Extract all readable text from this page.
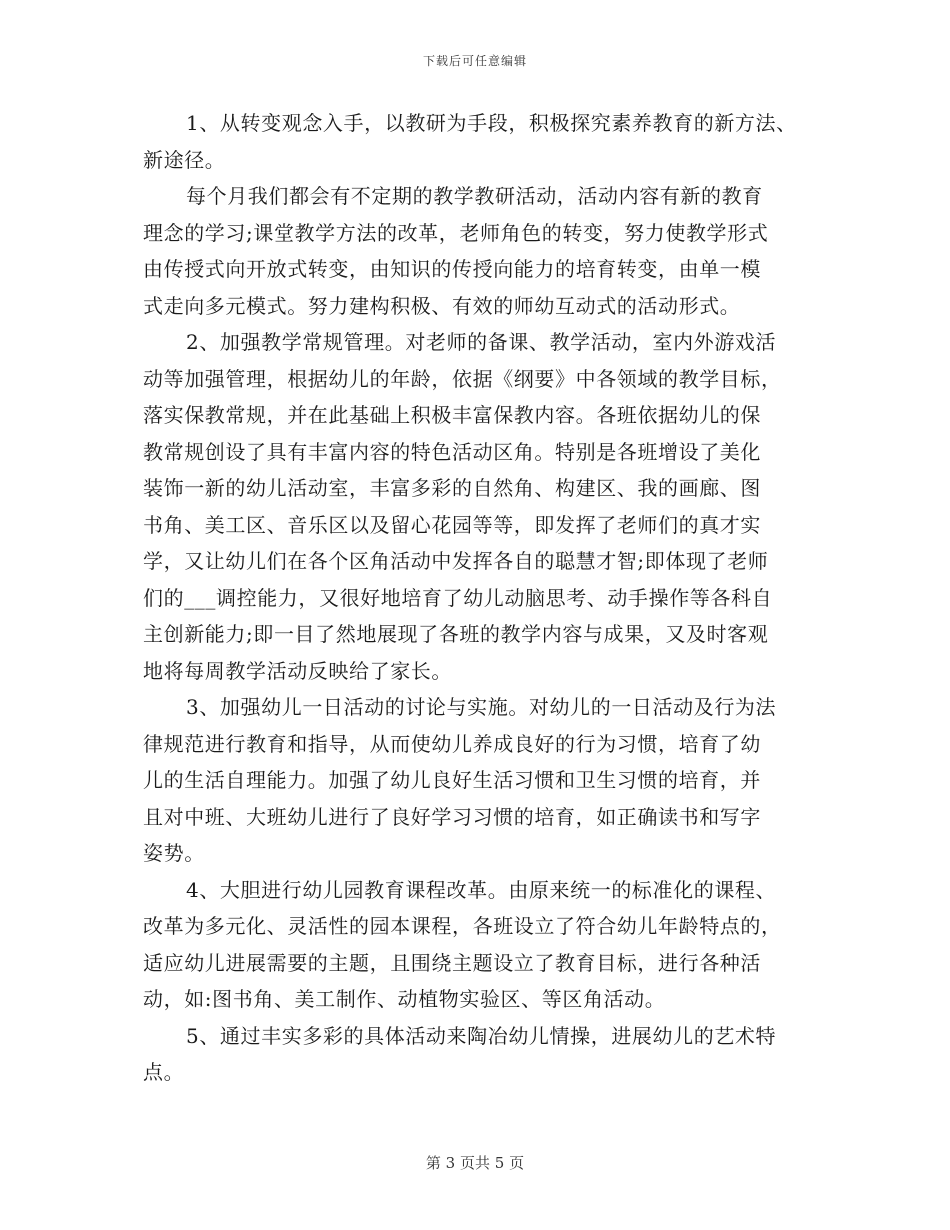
下载后可任意编辑
1、从转变观念入手，以教研为手段，积极探究素养教育的新方法、
新途径。
每个月我们都会有不定期的教学教研活动，活动内容有新的教育
理念的学习;课堂教学方法的改革，老师角色的转变，努力使教学形式
由传授式向开放式转变，由知识的传授向能力的培育转变，由单一模
式走向多元模式。努力建构积极、有效的师幼互动式的活动形式。
2、加强教学常规管理。对老师的备课、教学活动，室内外游戏活
动等加强管理，根据幼儿的年龄，依据《纲要》中各领域的教学目标，
落实保教常规，并在此基础上积极丰富保教内容。各班依据幼儿的保
教常规创设了具有丰富内容的特色活动区角。特别是各班增设了美化
装饰一新的幼儿活动室，丰富多彩的自然角、构建区、我的画廊、图
书角、美工区、音乐区以及留心花园等等，即发挥了老师们的真才实
学，又让幼儿们在各个区角活动中发挥各自的聪慧才智;即体现了老师
们的___调控能力，又很好地培育了幼儿动脑思考、动手操作等各科自
主创新能力;即一目了然地展现了各班的教学内容与成果，又及时客观
地将每周教学活动反映给了家长。
3、加强幼儿一日活动的讨论与实施。对幼儿的一日活动及行为法
律规范进行教育和指导，从而使幼儿养成良好的行为习惯，培育了幼
儿的生活自理能力。加强了幼儿良好生活习惯和卫生习惯的培育，并
且对中班、大班幼儿进行了良好学习习惯的培育，如正确读书和写字
姿势。
4、大胆进行幼儿园教育课程改革。由原来统一的标准化的课程、
改革为多元化、灵活性的园本课程，各班设立了符合幼儿年龄特点的，
适应幼儿进展需要的主题，且围绕主题设立了教育目标，进行各种活
动，如:图书角、美工制作、动植物实验区、等区角活动。
5、通过丰实多彩的具体活动来陶冶幼儿情操，进展幼儿的艺术特
点。
第 3 页共 5 页
